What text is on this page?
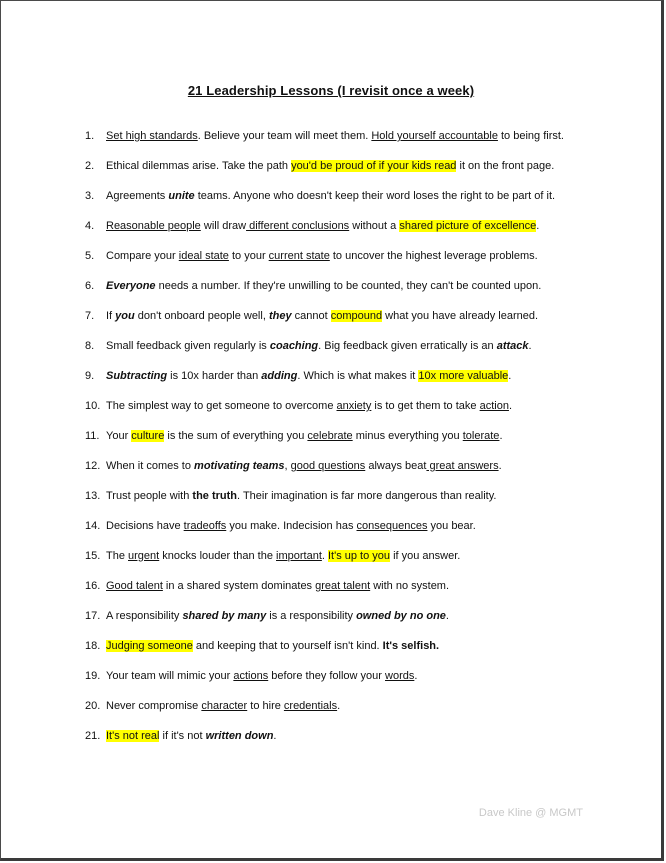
21 Leadership Lessons (I revisit once a week)
1.	Set high standards. Believe your team will meet them. Hold yourself accountable to being first.
2.	Ethical dilemmas arise. Take the path you'd be proud of if your kids read it on the front page.
3.	Agreements unite teams. Anyone who doesn't keep their word loses the right to be part of it.
4.	Reasonable people will draw different conclusions without a shared picture of excellence.
5.	Compare your ideal state to your current state to uncover the highest leverage problems.
6.	Everyone needs a number. If they're unwilling to be counted, they can't be counted upon.
7.	If you don't onboard people well, they cannot compound what you have already learned.
8.	Small feedback given regularly is coaching. Big feedback given erratically is an attack.
9.	Subtracting is 10x harder than adding. Which is what makes it 10x more valuable.
10. The simplest way to get someone to overcome anxiety is to get them to take action.
11. Your culture is the sum of everything you celebrate minus everything you tolerate.
12. When it comes to motivating teams, good questions always beat great answers.
13. Trust people with the truth. Their imagination is far more dangerous than reality.
14. Decisions have tradeoffs you make. Indecision has consequences you bear.
15. The urgent knocks louder than the important. It's up to you if you answer.
16. Good talent in a shared system dominates great talent with no system.
17. A responsibility shared by many is a responsibility owned by no one.
18. Judging someone and keeping that to yourself isn't kind. It's selfish.
19. Your team will mimic your actions before they follow your words.
20. Never compromise character to hire credentials.
21. It's not real if it's not written down.
Dave Kline @ MGMT
